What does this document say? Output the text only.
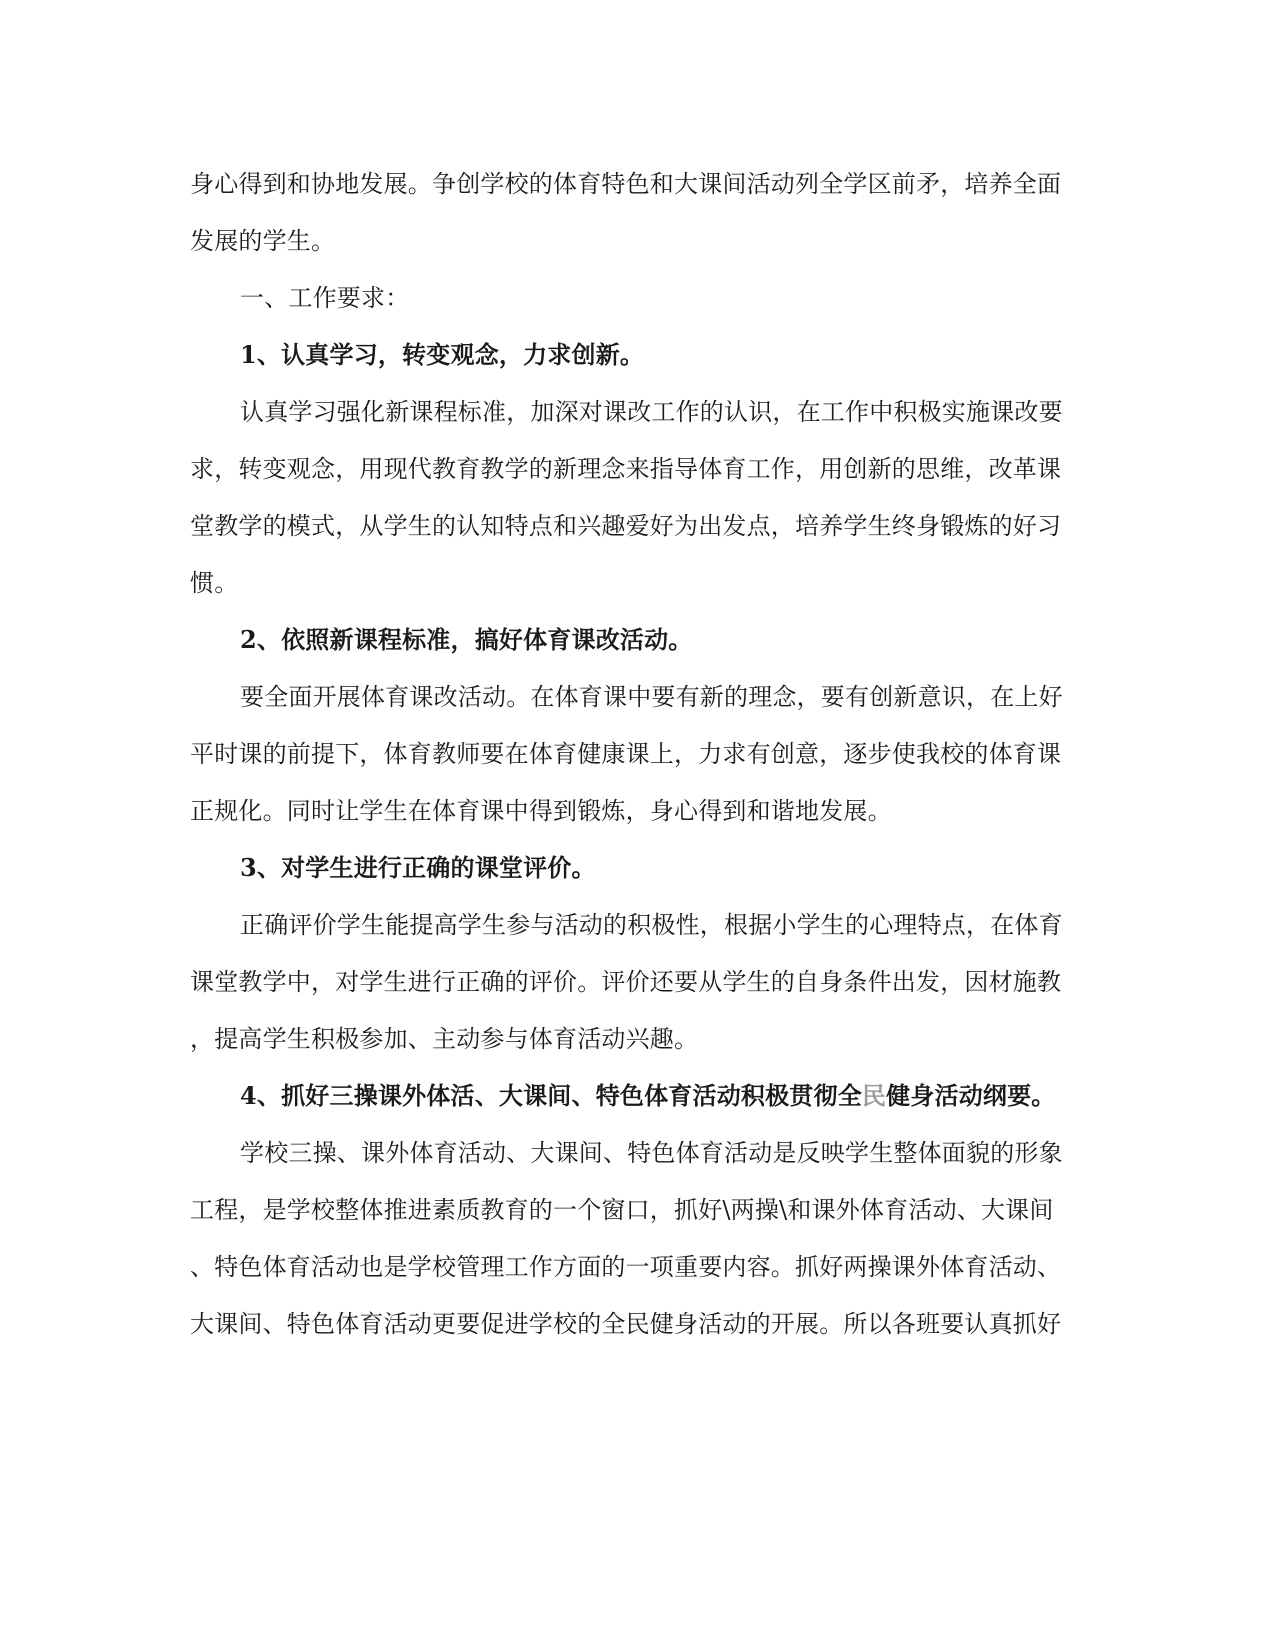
身心得到和协地发展。争创学校的体育特色和大课间活动列全学区前矛，培养全面
发展的学生。
一、工作要求：
1、认真学习，转变观念，力求创新。
认真学习强化新课程标准，加深对课改工作的认识，在工作中积极实施课改要
求，转变观念，用现代教育教学的新理念来指导体育工作，用创新的思维，改革课
堂教学的模式，从学生的认知特点和兴趣爱好为出发点，培养学生终身锻炼的好习
惯。
2、依照新课程标准，搞好体育课改活动。
要全面开展体育课改活动。在体育课中要有新的理念，要有创新意识，在上好
平时课的前提下，体育教师要在体育健康课上，力求有创意，逐步使我校的体育课
正规化。同时让学生在体育课中得到锻炼，身心得到和谐地发展。
3、对学生进行正确的课堂评价。
正确评价学生能提高学生参与活动的积极性，根据小学生的心理特点，在体育
课堂教学中，对学生进行正确的评价。评价还要从学生的自身条件出发，因材施教
，提高学生积极参加、主动参与体育活动兴趣。
4、抓好三操课外体活、大课间、特色体育活动积极贯彻全民健身活动纲要。
学校三操、课外体育活动、大课间、特色体育活动是反映学生整体面貌的形象
工程，是学校整体推进素质教育的一个窗口，抓好\两操\和课外体育活动、大课间
、特色体育活动也是学校管理工作方面的一项重要内容。抓好两操课外体育活动、
大课间、特色体育活动更要促进学校的全民健身活动的开展。所以各班要认真抓好
